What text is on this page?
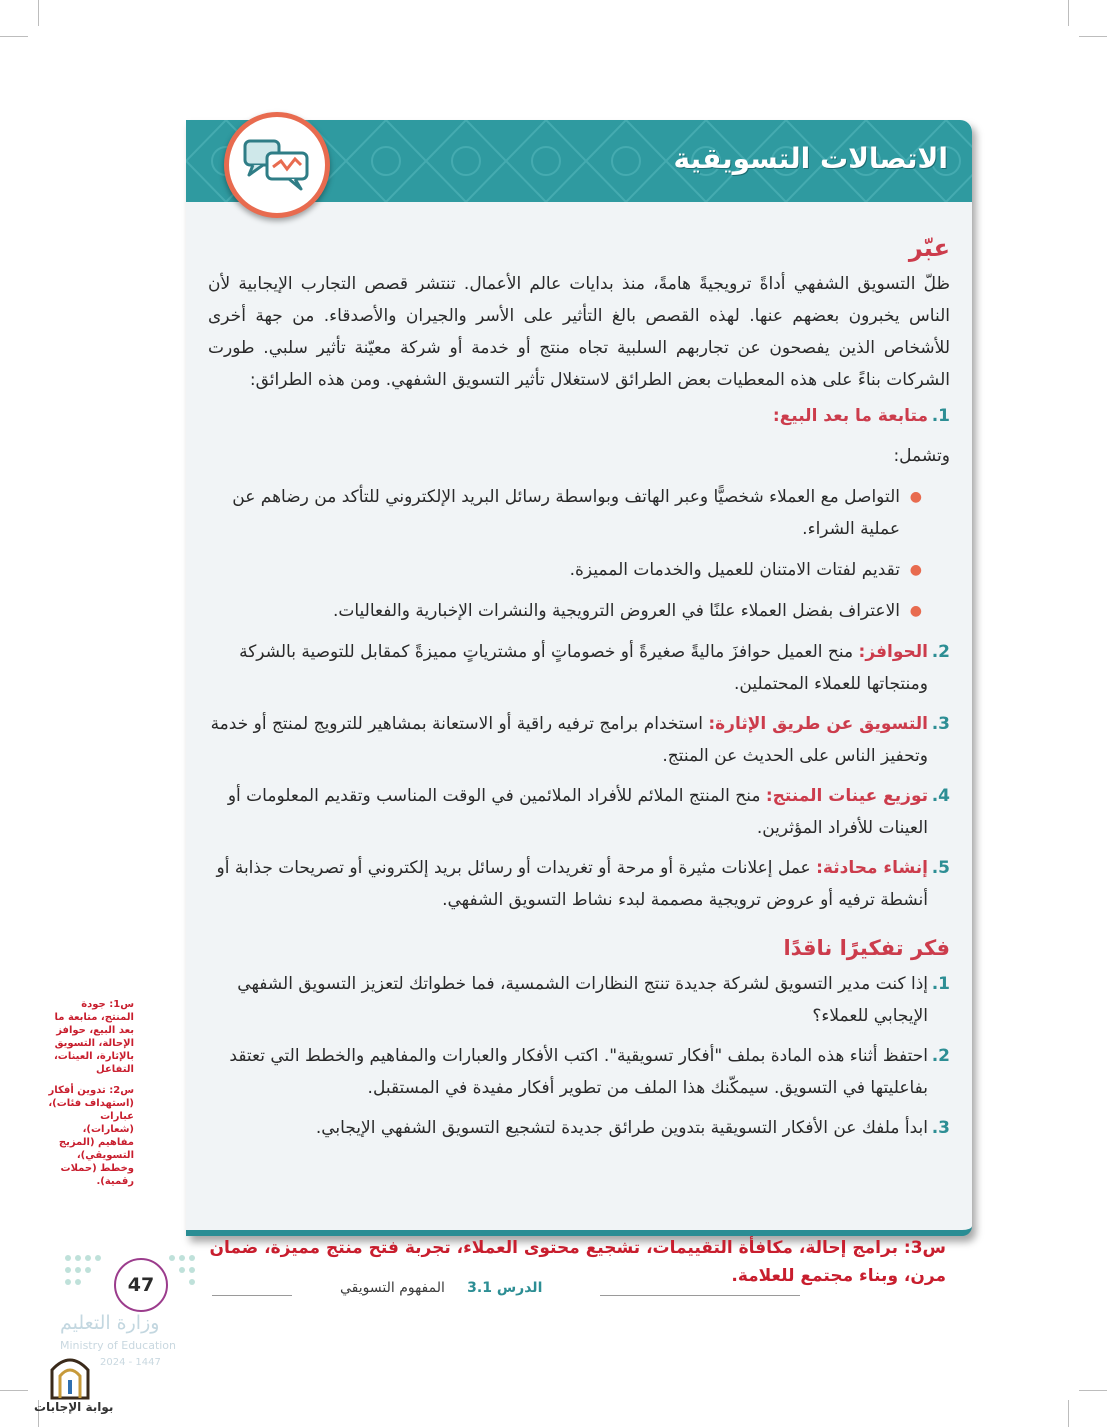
الاتصالات التسويقية
عبّر

ظلّ التسويق الشفهي أداةً ترويجيةً هامةً، منذ بدايات عالم الأعمال. تنتشر قصص التجارب الإيجابية لأن الناس يخبرون بعضهم عنها. لهذه القصص بالغ التأثير على الأسر والجيران والأصدقاء. من جهة أخرى للأشخاص الذين يفصحون عن تجاربهم السلبية تجاه منتج أو خدمة أو شركة معيّنة تأثير سلبي. طورت الشركات بناءً على هذه المعطيات بعض الطرائق لاستغلال تأثير التسويق الشفهي. ومن هذه الطرائق:

1.
متابعة ما بعد البيع:
وتشمل:
●
التواصل مع العملاء شخصيًّا وعبر الهاتف وبواسطة رسائل البريد الإلكتروني للتأكد من رضاهم عن عملية الشراء.
●
تقديم لفتات الامتنان للعميل والخدمات المميزة.
●
الاعتراف بفضل العملاء علنًا في العروض الترويجية والنشرات الإخبارية والفعاليات.
2.
الحوافز: منح العميل حوافزَ ماليةً صغيرةً أو خصوماتٍ أو مشترياتٍ مميزةً كمقابل للتوصية بالشركة ومنتجاتها للعملاء المحتملين.
3.
التسويق عن طريق الإثارة: استخدام برامج ترفيه راقية أو الاستعانة بمشاهير للترويج لمنتج أو خدمة وتحفيز الناس على الحديث عن المنتج.
4.
توزيع عينات المنتج: منح المنتج الملائم للأفراد الملائمين في الوقت المناسب وتقديم المعلومات أو العينات للأفراد المؤثرين.
5.
إنشاء محادثة: عمل إعلانات مثيرة أو مرحة أو تغريدات أو رسائل بريد إلكتروني أو تصريحات جذابة أو أنشطة ترفيه أو عروض ترويجية مصممة لبدء نشاط التسويق الشفهي.
فكر تفكيرًا ناقدًا
1.
إذا كنت مدير التسويق لشركة جديدة تنتج النظارات الشمسية، فما خطواتك لتعزيز التسويق الشفهي الإيجابي للعملاء؟
2.
احتفظ أثناء هذه المادة بملف "أفكار تسويقية". اكتب الأفكار والعبارات والمفاهيم والخطط التي تعتقد بفاعليتها في التسويق. سيمكّنك هذا الملف من تطوير أفكار مفيدة في المستقبل.
3.
ابدأ ملفك عن الأفكار التسويقية بتدوين طرائق جديدة لتشجيع التسويق الشفهي الإيجابي.

س1: جودة المنتج، متابعة ما بعد البيع، حوافز الإحالة، التسويق بالإثارة، العينات، التفاعل

س2: تدوين أفكار (استهداف فئات)، عبارات (شعارات)، مفاهيم (المزيج التسويقي)، وخطط (حملات رقمية).

س3: برامج إحالة، مكافأة التقييمات، تشجيع محتوى العملاء، تجربة فتح منتج مميزة، ضمان مرن، وبناء مجتمع للعلامة.
الدرس 3.1     المفهوم التسويقي
47
وزارة التعليم
Ministry of Education
2024 - 1447
بوابة الإجابات
